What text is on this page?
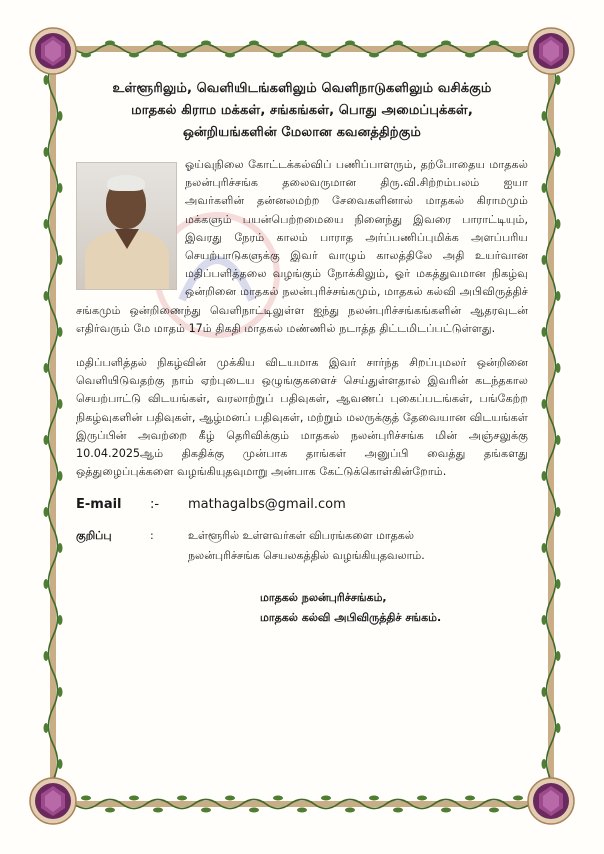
உள்ளூரிலும், வெளியிடங்களிலும் வெளிநாடுகளிலும் வசிக்கும்
மாதகல் கிராம மக்கள், சங்கங்கள், பொது அமைப்புக்கள்,
ஒன்றியங்களின் மேலான கவனத்திற்கும்
ஓய்வுநிலை கோட்டக்கல்விப் பணிப்பாளரும், தற்போதைய மாதகல் நலன்புரிச்சங்க தலைவருமான திரு.வி.சிற்றம்பலம் ஐயா அவர்களின் தன்னலமற்ற சேவைகளினால் மாதகல் கிராமமும் மக்களும் பயன்பெற்றமையை நினைந்து இவரை பாராட்டியும், இவரது நேரம் காலம் பாராத அர்ப்பணிப்புமிக்க அளப்பரிய செயற்பாடுகளுக்கு இவர் வாழும் காலத்திலே அதி உயர்வான மதிப்பளித்தலை வழங்கும் நோக்கிலும், ஓர் மகத்துவமான நிகழ்வு ஒன்றினை மாதகல் நலன்புரிச்சங்கமும், மாதகல் கல்வி அபிவிருத்திச் சங்கமும் ஒன்றிணைந்து வெளிநாட்டிலுள்ள ஐந்து நலன்புரிச்சங்கங்களின் ஆதரவுடன் எதிர்வரும் மே மாதம் 17ம் திகதி மாதகல் மண்ணில் நடாத்த திட்டமிடப்பட்டுள்ளது.

மதிப்பளித்தல் நிகழ்வின் முக்கிய விடயமாக இவர் சார்ந்த சிறப்புமலர் ஒன்றினை வெளியிடுவதற்கு நாம் ஏற்புடைய ஒழுங்குகளைச் செய்துள்ளதால் இவரின் கடந்தகால செயற்பாட்டு விடயங்கள், வரலாற்றுப் பதிவுகள், ஆவணப் புகைப்படங்கள், பங்கேற்ற நிகழ்வுகளின் பதிவுகள், ஆழ்மனப் பதிவுகள், மற்றும் மலருக்குத் தேவையான விடயங்கள் இருப்பின் அவற்றை கீழ் தெரிவிக்கும் மாதகல் நலன்புரிச்சங்க மின் அஞ்சலுக்கு 10.04.2025ஆம் திகதிக்கு முன்பாக தாங்கள் அனுப்பி வைத்து தங்களது ஒத்துழைப்புக்களை வழங்கியுதவுமாறு அன்பாக கேட்டுக்கொள்கின்றோம்.

E-mail	:-	mathagalbs@gmail.com
குறிப்பு	:	உள்ளூரில் உள்ளவர்கள் விபரங்களை மாதகல்
நலன்புரிச்சங்க செயலகத்தில் வழங்கியுதவலாம்.
மாதகல் நலன்புரிச்சங்கம்,
மாதகல் கல்வி அபிவிருத்திச் சங்கம்.
